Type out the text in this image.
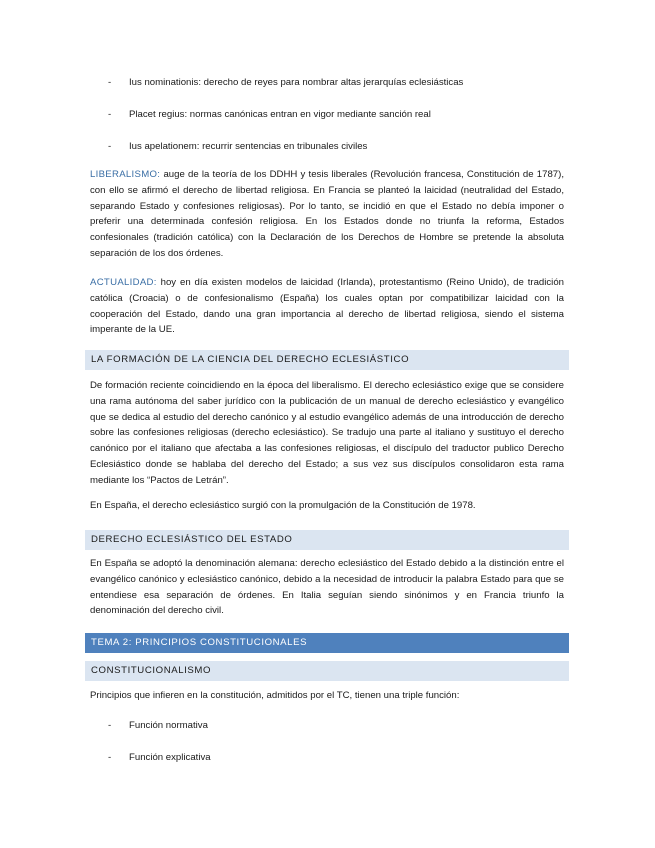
- Ius nominationis: derecho de reyes para nombrar altas jerarquías eclesiásticas
- Placet regius: normas canónicas entran en vigor mediante sanción real
- Ius apelationem: recurrir sentencias en tribunales civiles
LIBERALISMO: auge de la teoría de los DDHH y tesis liberales (Revolución francesa, Constitución de 1787), con ello se afirmó el derecho de libertad religiosa. En Francia se planteó la laicidad (neutralidad del Estado, separando Estado y confesiones religiosas). Por lo tanto, se incidió en que el Estado no debía imponer o preferir una determinada confesión religiosa. En los Estados donde no triunfa la reforma, Estados confesionales (tradición católica) con la Declaración de los Derechos de Hombre se pretende la absoluta separación de los dos órdenes.
ACTUALIDAD: hoy en día existen modelos de laicidad (Irlanda), protestantismo (Reino Unido), de tradición católica (Croacia) o de confesionalismo (España) los cuales optan por compatibilizar laicidad con la cooperación del Estado, dando una gran importancia al derecho de libertad religiosa, siendo el sistema imperante de la UE.
LA FORMACIÓN DE LA CIENCIA DEL DERECHO ECLESIÁSTICO
De formación reciente coincidiendo en la época del liberalismo. El derecho eclesiástico exige que se considere una rama autónoma del saber jurídico con la publicación de un manual de derecho eclesiástico y evangélico que se dedica al estudio del derecho canónico y al estudio evangélico además de una introducción de derecho sobre las confesiones religiosas (derecho eclesiástico). Se tradujo una parte al italiano y sustituyo el derecho canónico por el italiano que afectaba a las confesiones religiosas, el discípulo del traductor publico Derecho Eclesiástico donde se hablaba del derecho del Estado; a sus vez sus discípulos consolidaron esta rama mediante los “Pactos de Letrán”.
En España, el derecho eclesiástico surgió con la promulgación de la Constitución de 1978.
DERECHO ECLESIÁSTICO DEL ESTADO
En España se adoptó la denominación alemana: derecho eclesiástico del Estado debido a la distinción entre el evangélico canónico y eclesiástico canónico, debido a la necesidad de introducir la palabra Estado para que se entendiese esa separación de órdenes. En Italia seguían siendo sinónimos y en Francia triunfo la denominación del derecho civil.
TEMA 2: PRINCIPIOS CONSTITUCIONALES
CONSTITUCIONALISMO
Principios que infieren en la constitución, admitidos por el TC, tienen una triple función:
- Función normativa
- Función explicativa
